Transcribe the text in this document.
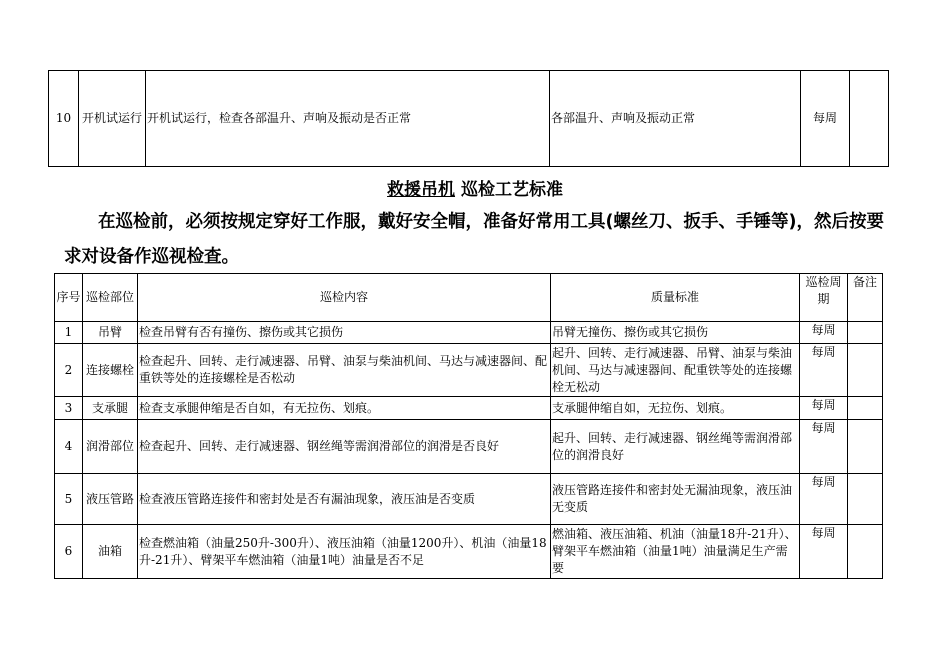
10	开机试运行	开机试运行，检查各部温升、声响及振动是否正常	各部温升、声响及振动正常	每周	
救援吊机 巡检工艺标准
在巡检前，必须按规定穿好工作服，戴好安全帽，准备好常用工具(螺丝刀、扳手、手锤等)，然后按要求对设备作巡视检查。
序号	巡检部位	巡检内容	质量标准	巡检周期	备注
1	吊臂	检查吊臂有否有撞伤、擦伤或其它损伤	吊臂无撞伤、擦伤或其它损伤	每周	
2	连接螺栓	检查起升、回转、走行减速器、吊臂、油泵与柴油机间、马达与减速器间、配重铁等处的连接螺栓是否松动	起升、回转、走行减速器、吊臂、油泵与柴油机间、马达与减速器间、配重铁等处的连接螺栓无松动	每周	
3	支承腿	检查支承腿伸缩是否自如，有无拉伤、划痕。	支承腿伸缩自如，无拉伤、划痕。	每周	
4	润滑部位	检查起升、回转、走行减速器、钢丝绳等需润滑部位的润滑是否良好	起升、回转、走行减速器、钢丝绳等需润滑部位的润滑良好	每周	
5	液压管路	检查液压管路连接件和密封处是否有漏油现象，液压油是否变质	液压管路连接件和密封处无漏油现象，液压油无变质	每周	
6	油箱	检查燃油箱（油量250升-300升）、液压油箱（油量1200升）、机油（油量18升-21升）、臂架平车燃油箱（油量1吨）油量是否不足	燃油箱、液压油箱、机油（油量18升-21升）、臂架平车燃油箱（油量1吨）油量满足生产需要	每周	
